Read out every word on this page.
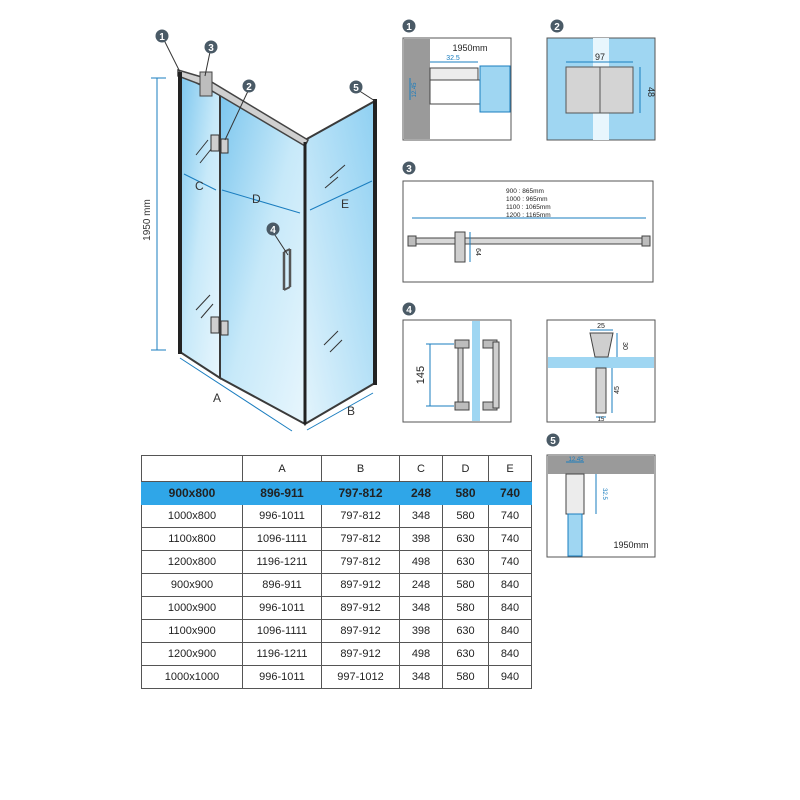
1950 mm
C
D	E
A
B
1
3
2
4
5
1
1950mm
32.5
12.45
2
97
48
3
900 : 865mm
1000 : 965mm
1100 : 1065mm
1200 : 1165mm
64
4
145
25
30
45
15
5
12.45
32.5
1950mm
	A	B	C	D	E
900x800	896-911	797-812	248	580	740
1000x800	996-1011	797-812	348	580	740
1100x800	1096-1111	797-812	398	630	740
1200x800	1196-1211	797-812	498	630	740
900x900	896-911	897-912	248	580	840
1000x900	996-1011	897-912	348	580	840
1100x900	1096-1111	897-912	398	630	840
1200x900	1196-1211	897-912	498	630	840
1000x1000	996-1011	997-1012	348	580	940
